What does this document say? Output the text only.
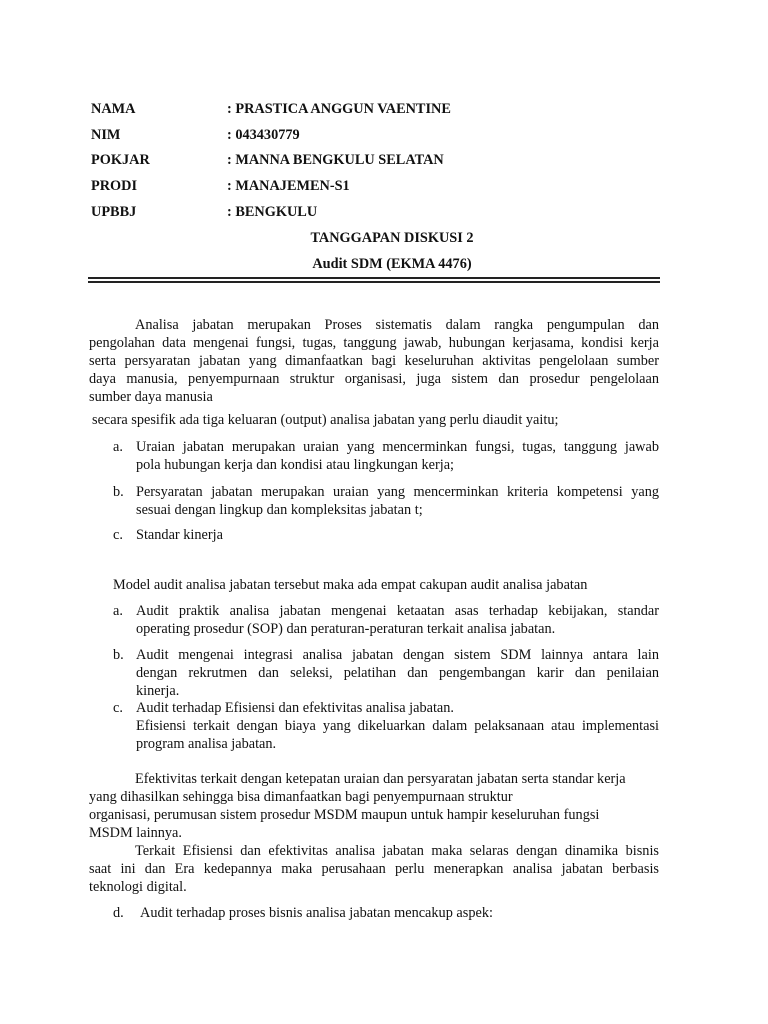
NAMA	: PRASTICA ANGGUN VAENTINE
NIM	: 043430779
POKJAR	: MANNA BENGKULU SELATAN
PRODI	: MANAJEMEN-S1
UPBBJ	: BENGKULU
TANGGAPAN DISKUSI 2
Audit SDM (EKMA 4476)
Analisa jabatan merupakan Proses sistematis dalam rangka pengumpulan dan
pengolahan data mengenai fungsi, tugas, tanggung jawab, hubungan kerjasama, kondisi kerja
serta persyaratan jabatan yang dimanfaatkan bagi keseluruhan aktivitas pengelolaan sumber
daya manusia, penyempurnaan struktur organisasi, juga sistem dan prosedur pengelolaan
sumber daya manusia
secara spesifik ada tiga keluaran (output) analisa jabatan yang perlu diaudit yaitu;
a. Uraian jabatan merupakan uraian yang mencerminkan fungsi, tugas, tanggung jawab
pola hubungan kerja dan kondisi atau lingkungan kerja;
b. Persyaratan jabatan merupakan uraian yang mencerminkan kriteria kompetensi yang
sesuai dengan lingkup dan kompleksitas jabatan t;
c. Standar kinerja
Model audit analisa jabatan tersebut maka ada empat cakupan audit analisa jabatan
a. Audit praktik analisa jabatan mengenai ketaatan asas terhadap kebijakan, standar
operating prosedur (SOP) dan peraturan-peraturan terkait analisa jabatan.
b. Audit mengenai integrasi analisa jabatan dengan sistem SDM lainnya antara lain
dengan rekrutmen dan seleksi, pelatihan dan pengembangan karir dan penilaian
kinerja.
c. Audit terhadap Efisiensi dan efektivitas analisa jabatan.
Efisiensi terkait dengan biaya yang dikeluarkan dalam pelaksanaan atau implementasi
program analisa jabatan.
Efektivitas terkait dengan ketepatan uraian dan persyaratan jabatan serta standar kerja
yang dihasilkan sehingga bisa dimanfaatkan bagi penyempurnaan struktur
organisasi, perumusan sistem prosedur MSDM maupun untuk hampir keseluruhan fungsi
MSDM lainnya.
Terkait Efisiensi dan efektivitas analisa jabatan maka selaras dengan dinamika bisnis
saat ini dan Era kedepannya maka perusahaan perlu menerapkan analisa jabatan berbasis
teknologi digital.
d. Audit terhadap proses bisnis analisa jabatan mencakup aspek:
